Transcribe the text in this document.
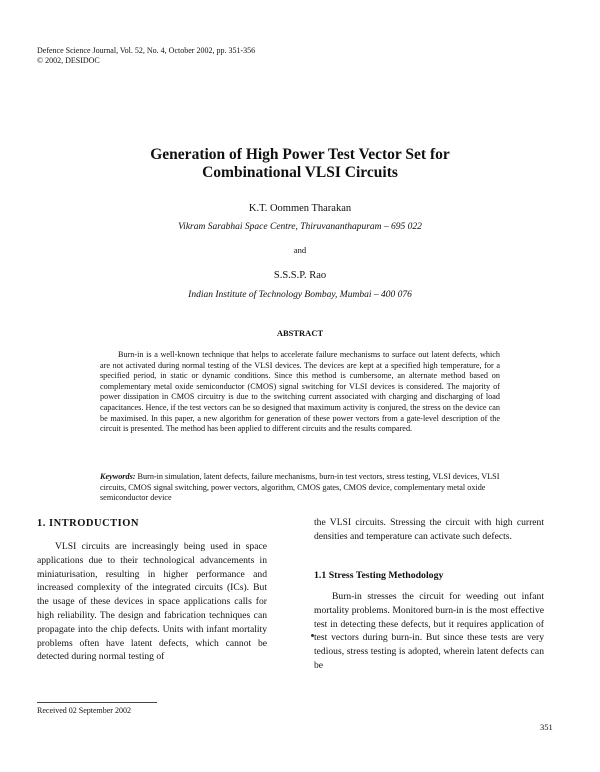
Defence Science Journal, Vol. 52, No. 4, October 2002, pp. 351-356
© 2002, DESIDOC
Generation of High Power Test Vector Set for
Combinational VLSI Circuits
K.T. Oommen Tharakan
Vikram Sarabhai Space Centre, Thiruvananthapuram – 695 022
and
S.S.S.P. Rao
Indian Institute of Technology Bombay, Mumbai – 400 076
ABSTRACT
Burn-in is a well-known technique that helps to accelerate failure mechanisms to surface out latent defects, which are not activated during normal testing of the VLSI devices. The devices are kept at a specified high temperature, for a specified period, in static or dynamic conditions. Since this method is cumbersome, an alternate method based on complementary metal oxide semiconductor (CMOS) signal switching for VLSI devices is considered. The majority of power dissipation in CMOS circuitry is due to the switching current associated with charging and discharging of load capacitances. Hence, if the test vectors can be so designed that maximum activity is conjured, the stress on the device can be maximised. In this paper, a new algorithm for generation of these power vectors from a gate-level description of the circuit is presented. The method has been applied to different circuits and the results compared.
Keywords: Burn-in simulation, latent defects, failure mechanisms, burn-in test vectors, stress testing, VLSI devices, VLSI circuits, CMOS signal switching, power vectors, algorithm, CMOS gates, CMOS device, complementary metal oxide semiconductor device
1. INTRODUCTION

VLSI circuits are increasingly being used in space applications due to their technological advancements in miniaturisation, resulting in higher performance and increased complexity of the integrated circuits (ICs). But the usage of these devices in space applications calls for high reliability. The design and fabrication techniques can propagate into the chip defects. Units with infant mortality problems often have latent defects, which cannot be detected during normal testing of

the VLSI circuits. Stressing the circuit with high current densities and temperature can activate such defects.

1.1 Stress Testing Methodology

Burn-in stresses the circuit for weeding out infant mortality problems. Monitored burn-in is the most effective test in detecting these defects, but it requires application of test vectors during burn-in. But since these tests are very tedious, stress testing is adopted, wherein latent defects can be

Received 02 September 2002
351
